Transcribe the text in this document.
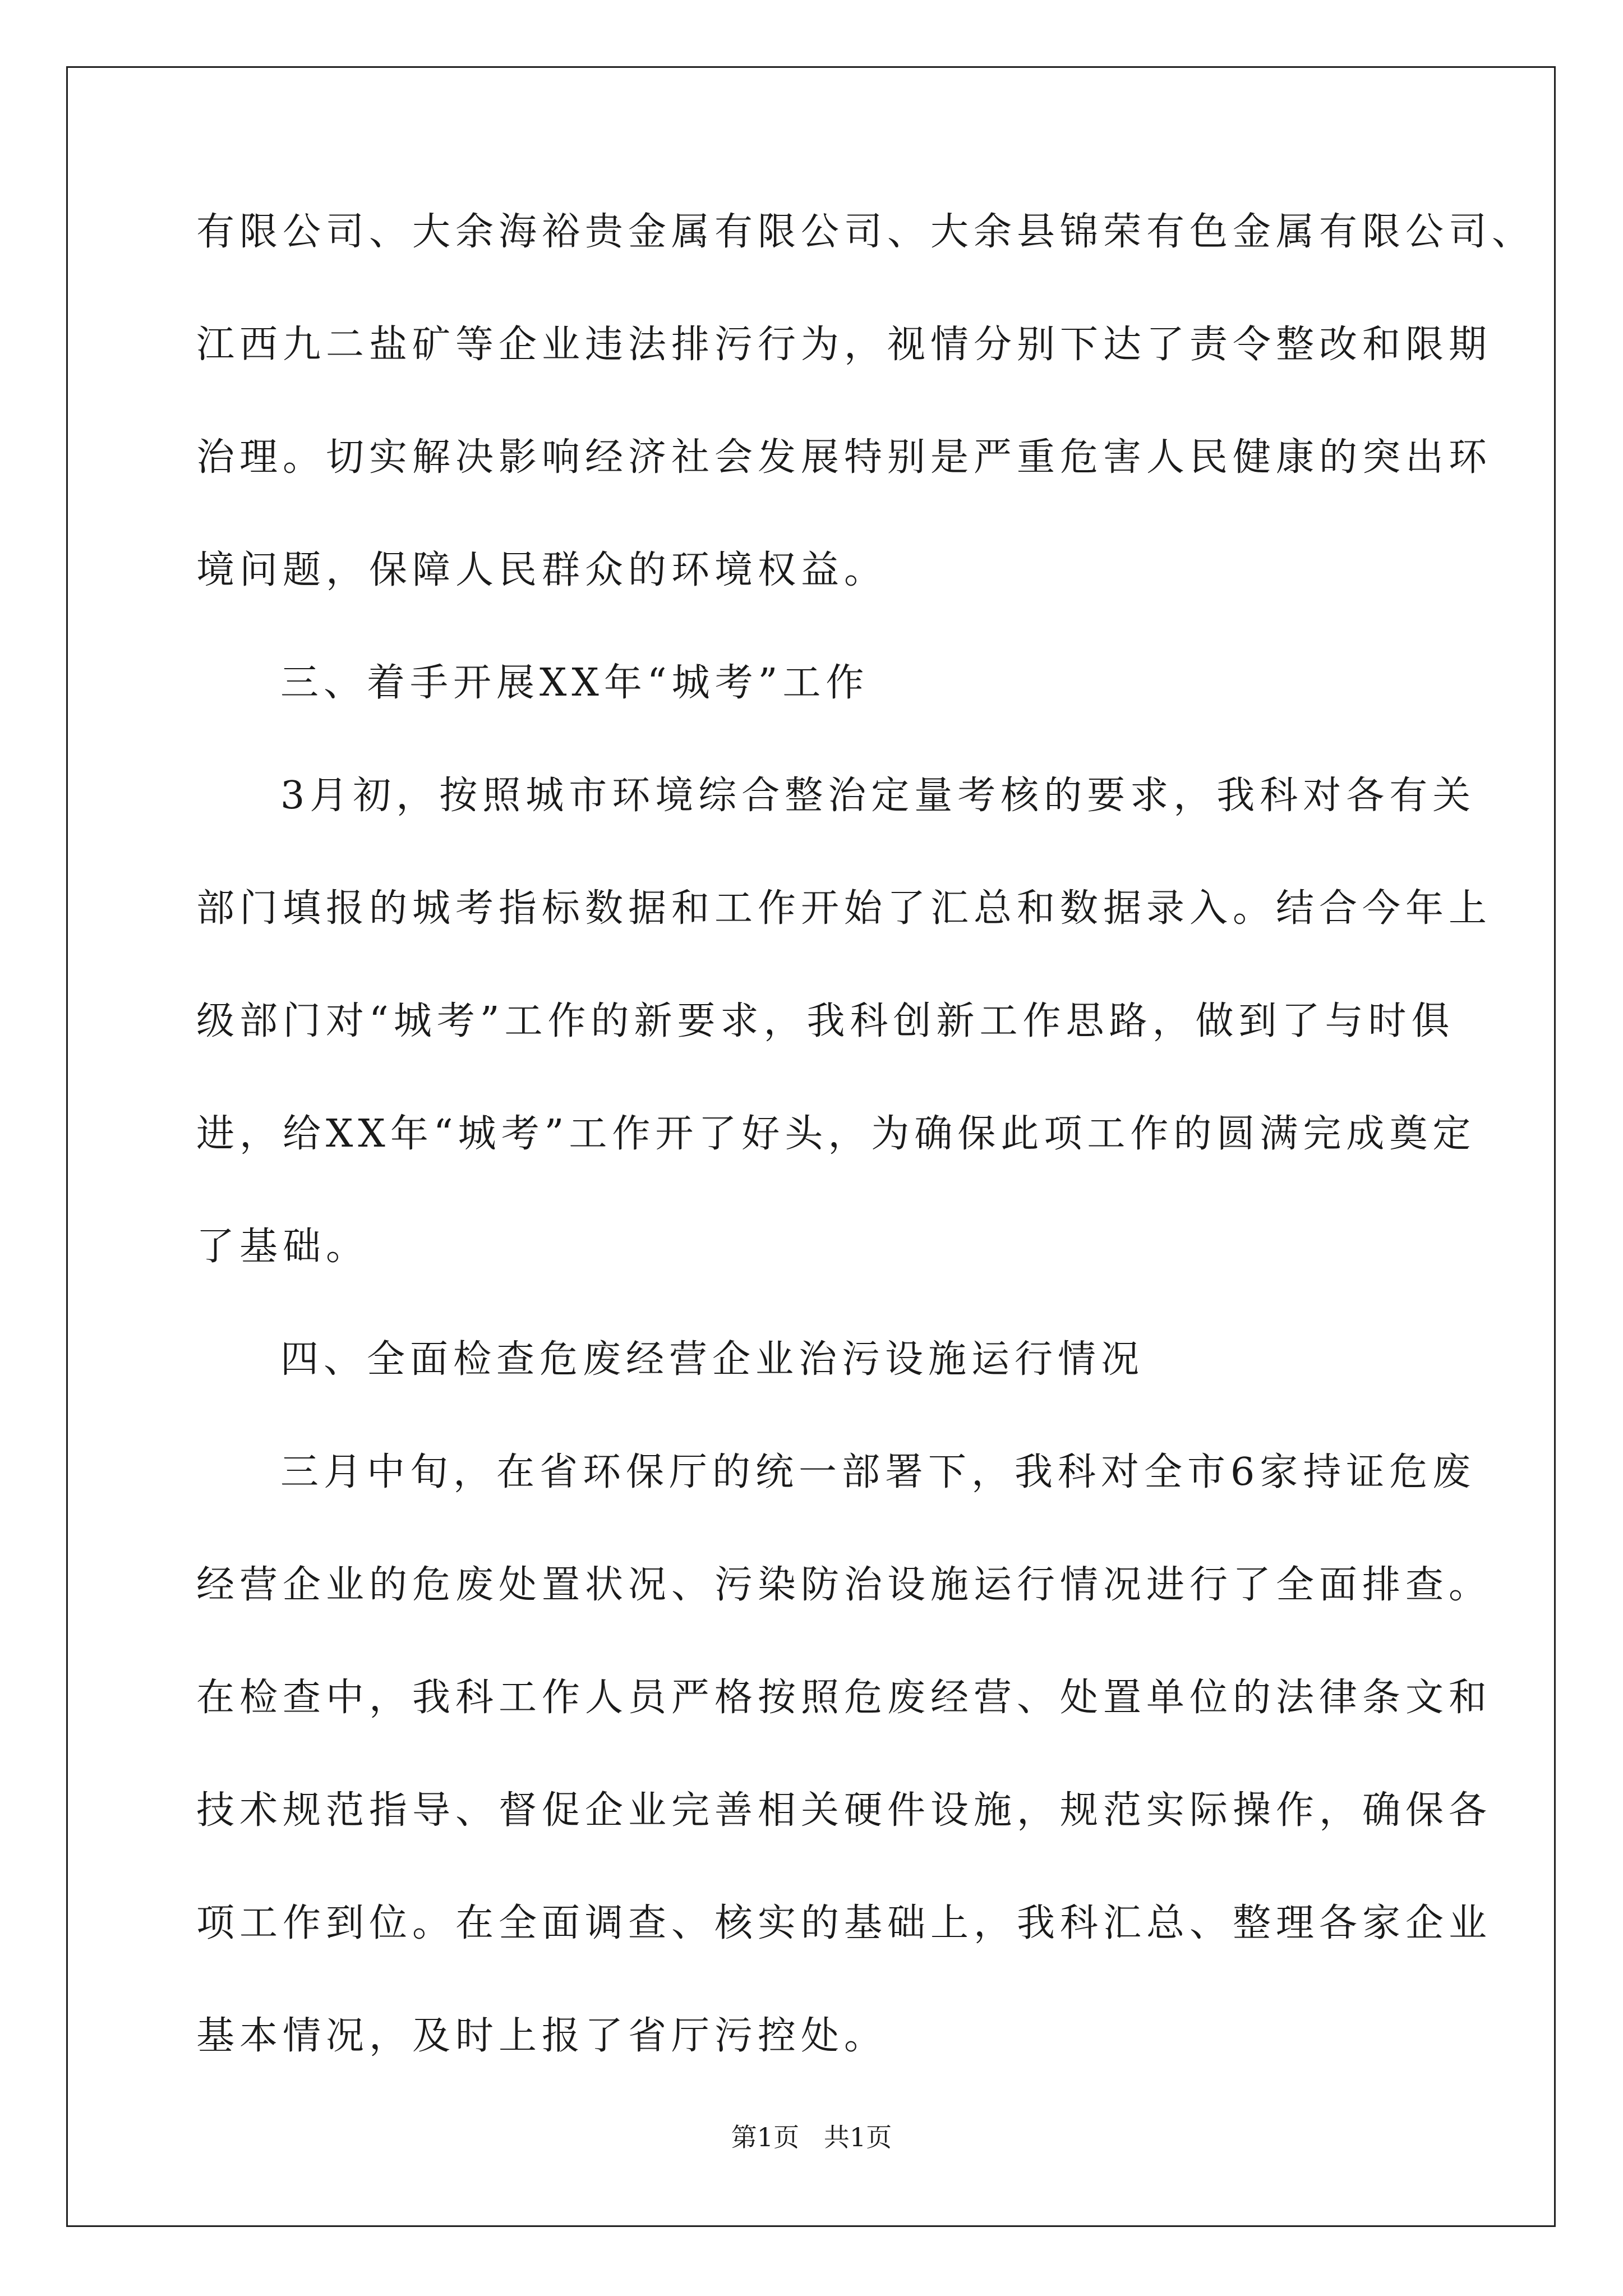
有限公司、大余海裕贵金属有限公司、大余县锦荣有色金属有限公司、
江西九二盐矿等企业违法排污行为，视情分别下达了责令整改和限期
治理。切实解决影响经济社会发展特别是严重危害人民健康的突出环
境问题，保障人民群众的环境权益。
三、着手开展XX年“城考”工作
3月初，按照城市环境综合整治定量考核的要求，我科对各有关
部门填报的城考指标数据和工作开始了汇总和数据录入。结合今年上
级部门对“城考”工作的新要求，我科创新工作思路，做到了与时俱
进，给XX年“城考”工作开了好头，为确保此项工作的圆满完成奠定
了基础。
四、全面检查危废经营企业治污设施运行情况
三月中旬，在省环保厅的统一部署下，我科对全市6家持证危废
经营企业的危废处置状况、污染防治设施运行情况进行了全面排查。
在检查中，我科工作人员严格按照危废经营、处置单位的法律条文和
技术规范指导、督促企业完善相关硬件设施，规范实际操作，确保各
项工作到位。在全面调查、核实的基础上，我科汇总、整理各家企业
基本情况，及时上报了省厅污控处。
第1页   共1页
